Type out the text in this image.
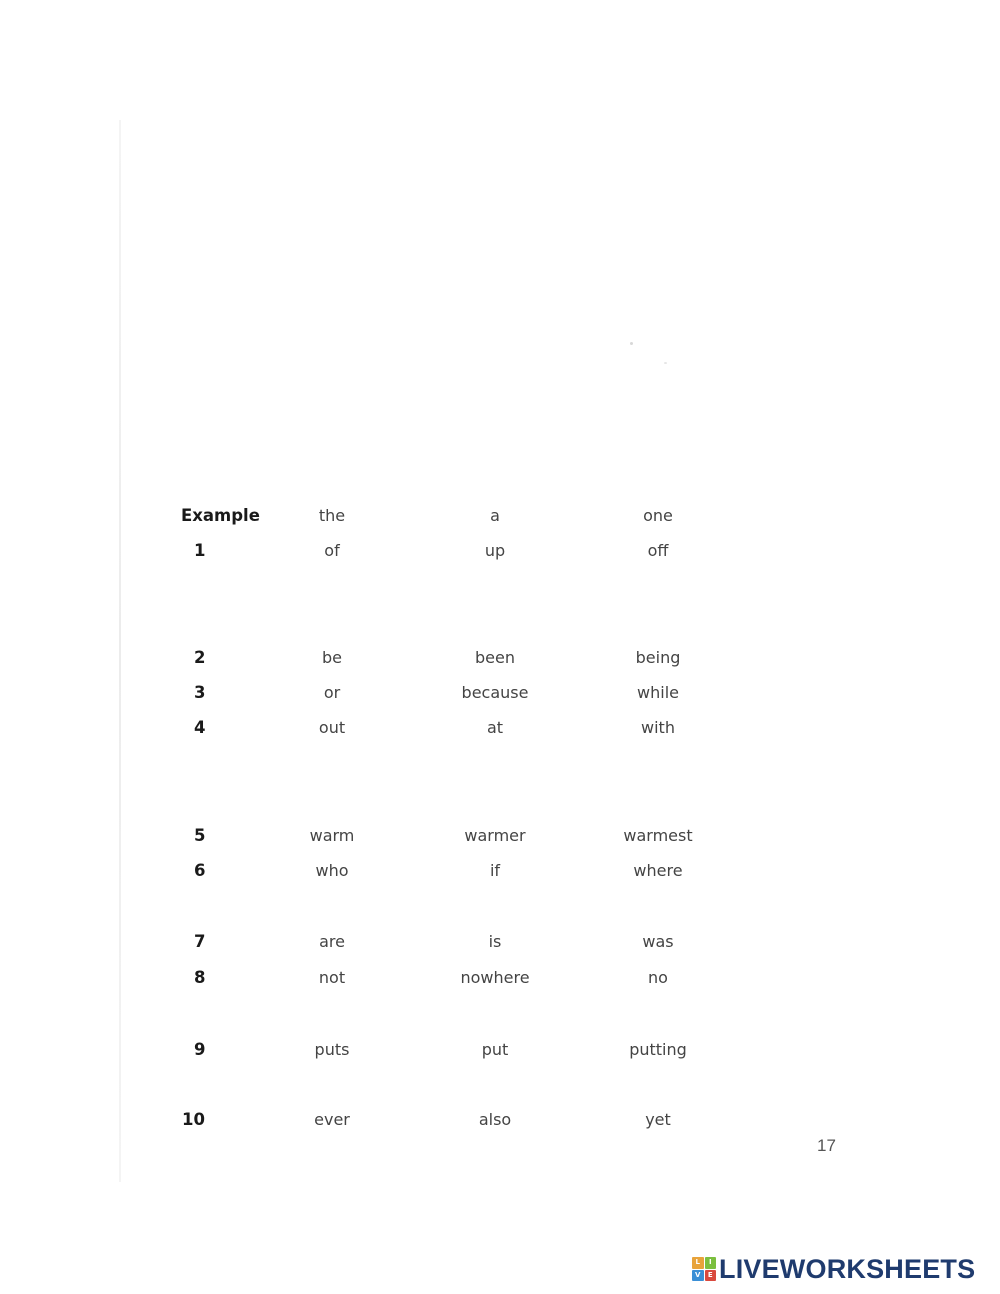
Example	the	a	one
1	of	up	off
2	be	been	being
3	or	because	while
4	out	at	with
5	warm	warmer	warmest
6	who	if	where
7	are	is	was
8	not	nowhere	no
9	puts	put	putting
10	ever	also	yet
17
L	I
V	E LIVEWORKSHEETS
